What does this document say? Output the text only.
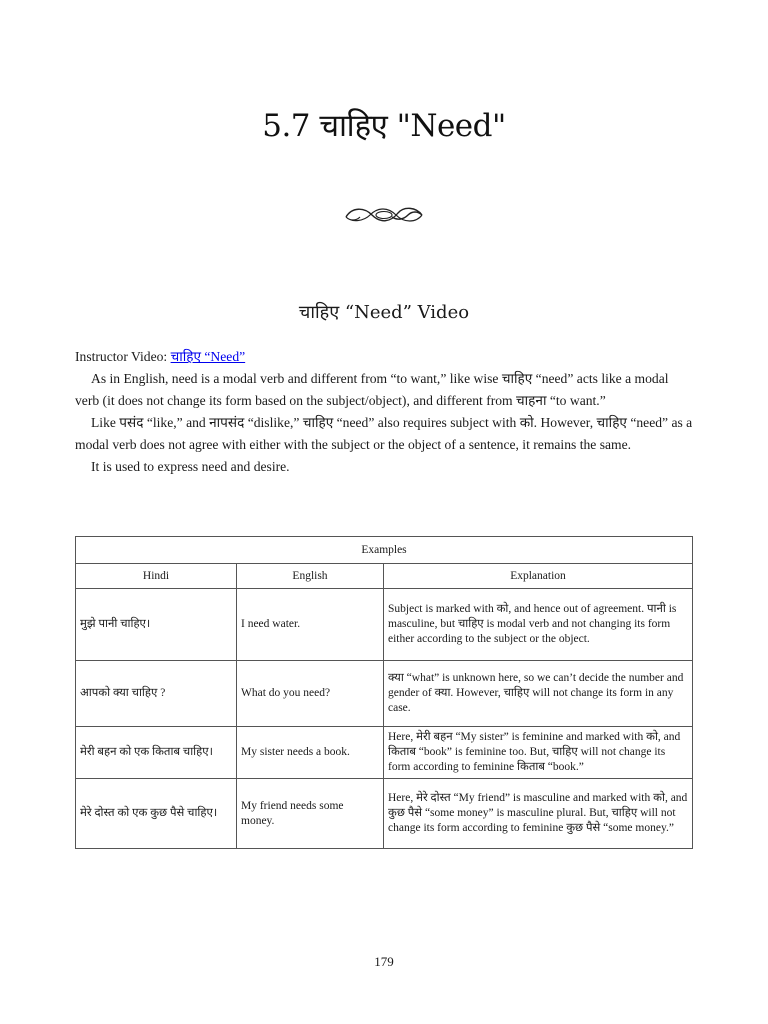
5.7 चाहिए "Need"
चाहिए “Need” Video

Instructor Video: चाहिए “Need”

As in English, need is a modal verb and different from “to want,” like wise चाहिए “need” acts like a modal verb (it does not change its form based on the subject/object), and different from चाहना “to want.”

Like पसंद “like,” and नापसंद “dislike,” चाहिए “need” also requires subject with को. However, चाहिए “need” as a modal verb does not agree with either with the subject or the object of a sentence, it remains the same.

It is used to express need and desire.

Examples		
Hindi	English	Explanation
मुझे पानी चाहिए।	I need water.	Subject is marked with को, and hence out of agreement. पानी is masculine, but चाहिए is modal verb and not changing its form either according to the subject or the object.
आपको क्या चाहिए ?	What do you need?	क्या “what” is unknown here, so we can’t decide the number and gender of क्या. However, चाहिए will not change its form in any case.
मेरी बहन को एक किताब चाहिए।	My sister needs a book.	Here, मेरी बहन “My sister” is feminine and marked with को, and किताब “book” is feminine too. But, चाहिए will not change its form according to feminine किताब “book.”
मेरे दोस्त को एक कुछ पैसे चाहिए।	My friend needs some money.	Here, मेरे दोस्त “My friend” is masculine and marked with को, and कुछ पैसे “some money” is masculine plural. But, चाहिए will not change its form according to feminine कुछ पैसे “some money.”
179
